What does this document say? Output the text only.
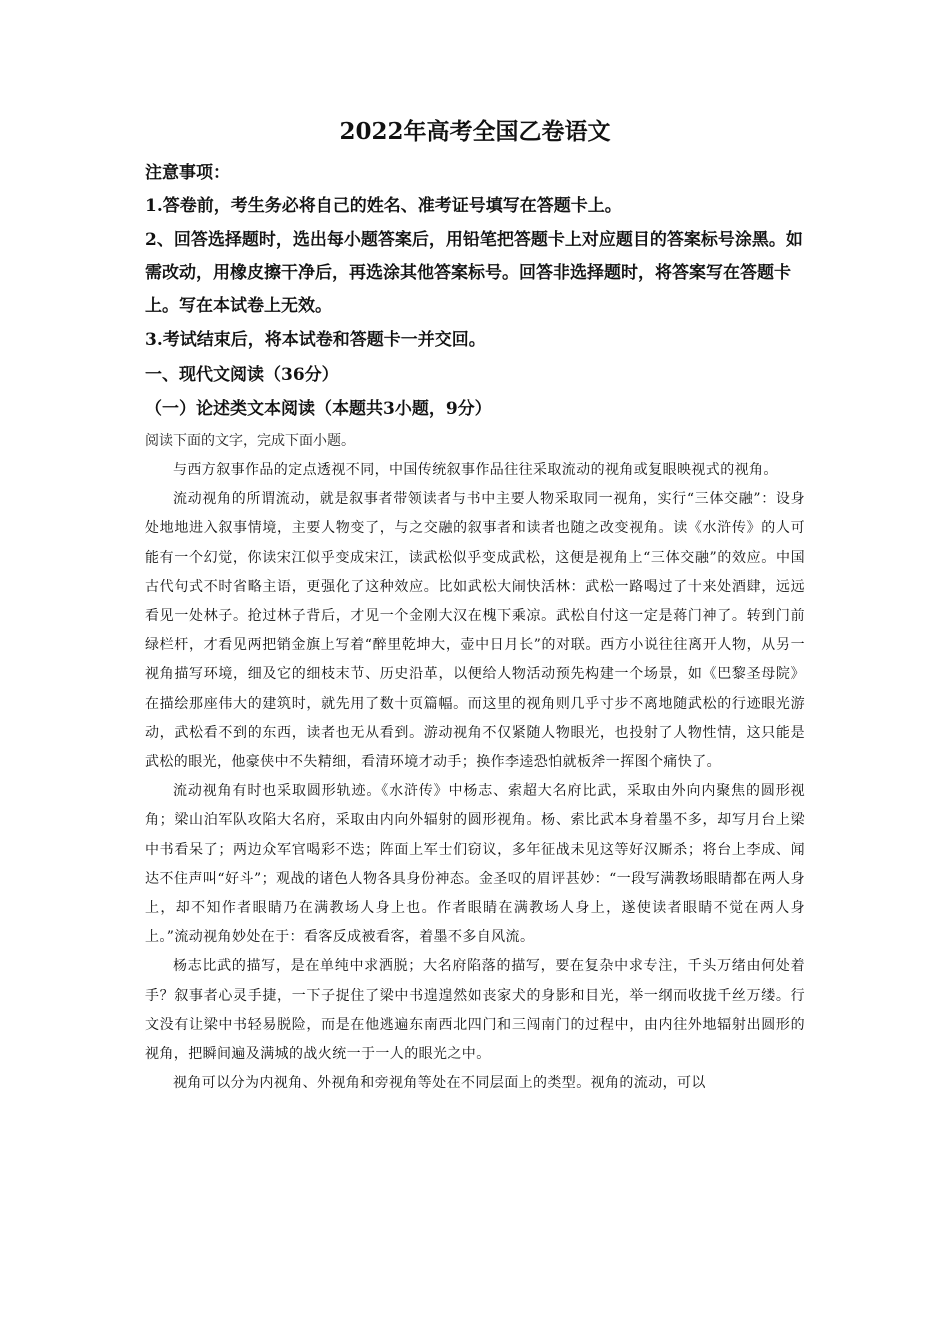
2022年高考全国乙卷语文

注意事项：

1.答卷前，考生务必将自己的姓名、准考证号填写在答题卡上。

2、回答选择题时，选出每小题答案后，用铅笔把答题卡上对应题目的答案标号涂黑。如需改动，用橡皮擦干净后，再选涂其他答案标号。回答非选择题时，将答案写在答题卡上。写在本试卷上无效。

3.考试结束后，将本试卷和答题卡一并交回。

一、现代文阅读（36分）

（一）论述类文本阅读（本题共3小题，9分）

阅读下面的文字，完成下面小题。

与西方叙事作品的定点透视不同，中国传统叙事作品往往采取流动的视角或复眼映视式的视角。

流动视角的所谓流动，就是叙事者带领读者与书中主要人物采取同一视角，实行“三体交融”：设身处地地进入叙事情境，主要人物变了，与之交融的叙事者和读者也随之改变视角。读《水浒传》的人可能有一个幻觉，你读宋江似乎变成宋江，读武松似乎变成武松，这便是视角上“三体交融”的效应。中国古代句式不时省略主语，更强化了这种效应。比如武松大闹快活林：武松一路喝过了十来处酒肆，远远看见一处林子。抢过林子背后，才见一个金刚大汉在槐下乘凉。武松自付这一定是蒋门神了。转到门前绿栏杆，才看见两把销金旗上写着“醉里乾坤大，壶中日月长”的对联。西方小说往往离开人物，从另一视角描写环境，细及它的细枝末节、历史沿革，以便给人物活动预先构建一个场景，如《巴黎圣母院》在描绘那座伟大的建筑时，就先用了数十页篇幅。而这里的视角则几乎寸步不离地随武松的行迹眼光游动，武松看不到的东西，读者也无从看到。游动视角不仅紧随人物眼光，也投射了人物性情，这只能是武松的眼光，他豪侠中不失精细，看清环境才动手；换作李逵恐怕就板斧一挥图个痛快了。

流动视角有时也采取圆形轨迹。《水浒传》中杨志、索超大名府比武，采取由外向内聚焦的圆形视角；梁山泊军队攻陷大名府，采取由内向外辐射的圆形视角。杨、索比武本身着墨不多，却写月台上梁中书看呆了；两边众军官喝彩不迭；阵面上军士们窃议，多年征战未见这等好汉厮杀；将台上李成、闻达不住声叫“好斗”；观战的诸色人物各具身份神态。金圣叹的眉评甚妙：“一段写满教场眼睛都在两人身上，却不知作者眼睛乃在满教场人身上也。作者眼睛在满教场人身上，遂使读者眼睛不觉在两人身上。”流动视角妙处在于：看客反成被看客，着墨不多自风流。

杨志比武的描写，是在单纯中求洒脱；大名府陷落的描写，要在复杂中求专注，千头万绪由何处着手？叙事者心灵手捷，一下子捉住了梁中书遑遑然如丧家犬的身影和目光，举一纲而收拢千丝万缕。行文没有让梁中书轻易脱险，而是在他逃遍东南西北四门和三闯南门的过程中，由内往外地辐射出圆形的视角，把瞬间遍及满城的战火统一于一人的眼光之中。

视角可以分为内视角、外视角和旁视角等处在不同层面上的类型。视角的流动，可以
